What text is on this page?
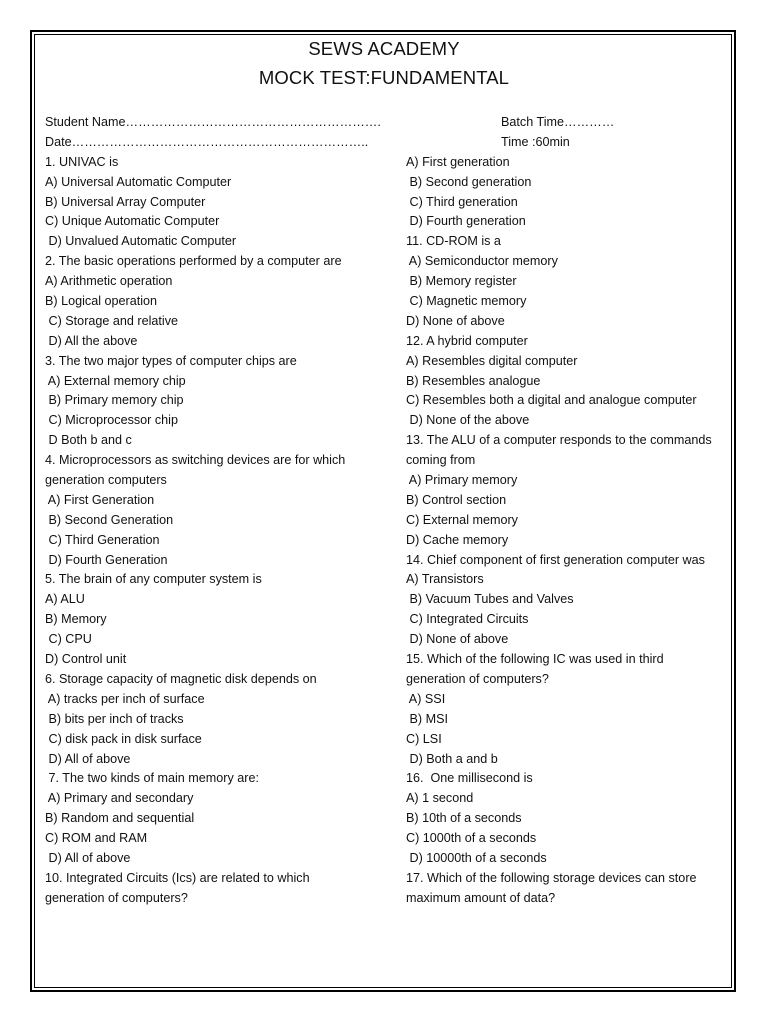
SEWS ACADEMY
MOCK TEST:FUNDAMENTAL
Student Name…………………………………………………….
Date……………………………………………………………..
1. UNIVAC is
A) Universal Automatic Computer
B) Universal Array Computer
C) Unique Automatic Computer
D) Unvalued Automatic Computer
2. The basic operations performed by a computer are
A) Arithmetic operation
B) Logical operation
C) Storage and relative
D) All the above
3. The two major types of computer chips are
A) External memory chip
B) Primary memory chip
C) Microprocessor chip
D Both b and c
4. Microprocessors as switching devices are for which
generation computers
A) First Generation
B) Second Generation
C) Third Generation
D) Fourth Generation
5. The brain of any computer system is
A) ALU
B) Memory
C) CPU
D) Control unit
6. Storage capacity of magnetic disk depends on
A) tracks per inch of surface
B) bits per inch of tracks
C) disk pack in disk surface
D) All of above
7. The two kinds of main memory are:
A) Primary and secondary
B) Random and sequential
C) ROM and RAM
D) All of above
10. Integrated Circuits (Ics) are related to which
generation of computers?
Batch Time…………
Time :60min
A) First generation
B) Second generation
C) Third generation
D) Fourth generation
11. CD-ROM is a
A) Semiconductor memory
B) Memory register
C) Magnetic memory
D) None of above
12. A hybrid computer
A) Resembles digital computer
B) Resembles analogue
C) Resembles both a digital and analogue computer
D) None of the above
13. The ALU of a computer responds to the commands
coming from
A) Primary memory
B) Control section
C) External memory
D) Cache memory
14. Chief component of first generation computer was
A) Transistors
B) Vacuum Tubes and Valves
C) Integrated Circuits
D) None of above
15. Which of the following IC was used in third
generation of computers?
A) SSI
B) MSI
C) LSI
D) Both a and b
16.  One millisecond is
A) 1 second
B) 10th of a seconds
C) 1000th of a seconds
D) 10000th of a seconds
17. Which of the following storage devices can store
maximum amount of data?
